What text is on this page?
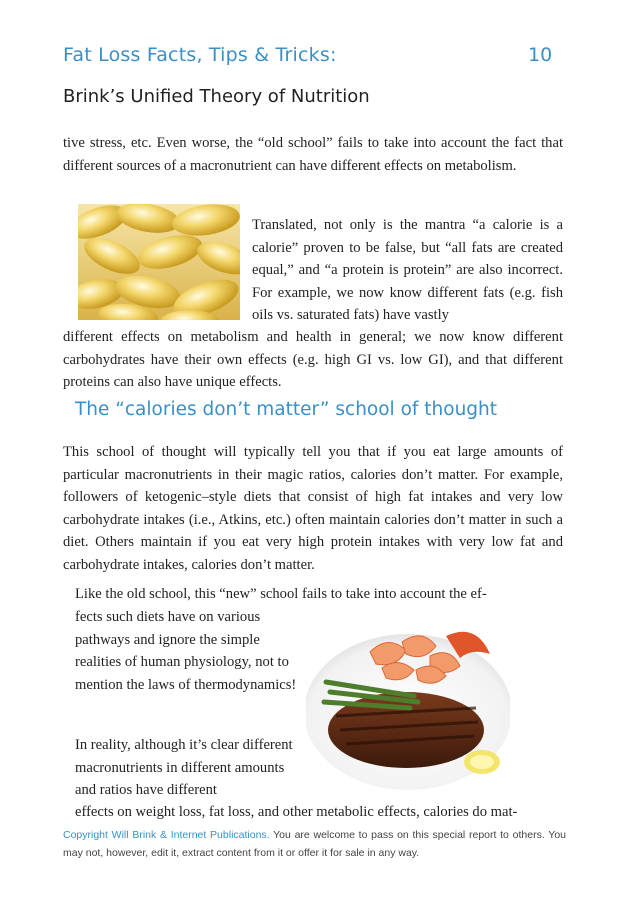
Fat Loss Facts, Tips & Tricks:	10
Brink’s Unified Theory of Nutrition
tive stress, etc. Even worse, the “old school” fails to take into account the fact that different sources of a macronutrient can have different effects on metabolism.
Translated, not only is the mantra “a calorie is a calorie” proven to be false, but “all fats are created equal,” and “a protein is protein” are also incorrect. For example, we now know different fats (e.g. fish oils vs. saturated fats) have vastly
different effects on metabolism and health in general; we now know different carbohydrates have their own effects (e.g. high GI vs. low GI), and that different proteins can also have unique effects.
The “calories don’t matter” school of thought
This school of thought will typically tell you that if you eat large amounts of particular macronutrients in their magic ratios, calories don’t matter. For example, followers of ketogenic–style diets that consist of high fat intakes and very low carbohydrate intakes (i.e., Atkins, etc.) often maintain calories don’t matter in such a diet. Others maintain if you eat very high protein intakes with very low fat and carbohydrate intakes, calories don’t matter.
Like the old school, this “new” school fails to take into account the ef-
fects such diets have on various pathways and ignore the simple realities of human physiology, not to mention the laws of thermodynamics!
In reality, although it’s clear different macronutrients in different amounts and ratios have different
effects on weight loss, fat loss, and other metabolic effects, calories do mat-
Copyright Will Brink & Internet Publications. You are welcome to pass on this special report to others. You may not, however, edit it, extract content from it or offer it for sale in any way.
